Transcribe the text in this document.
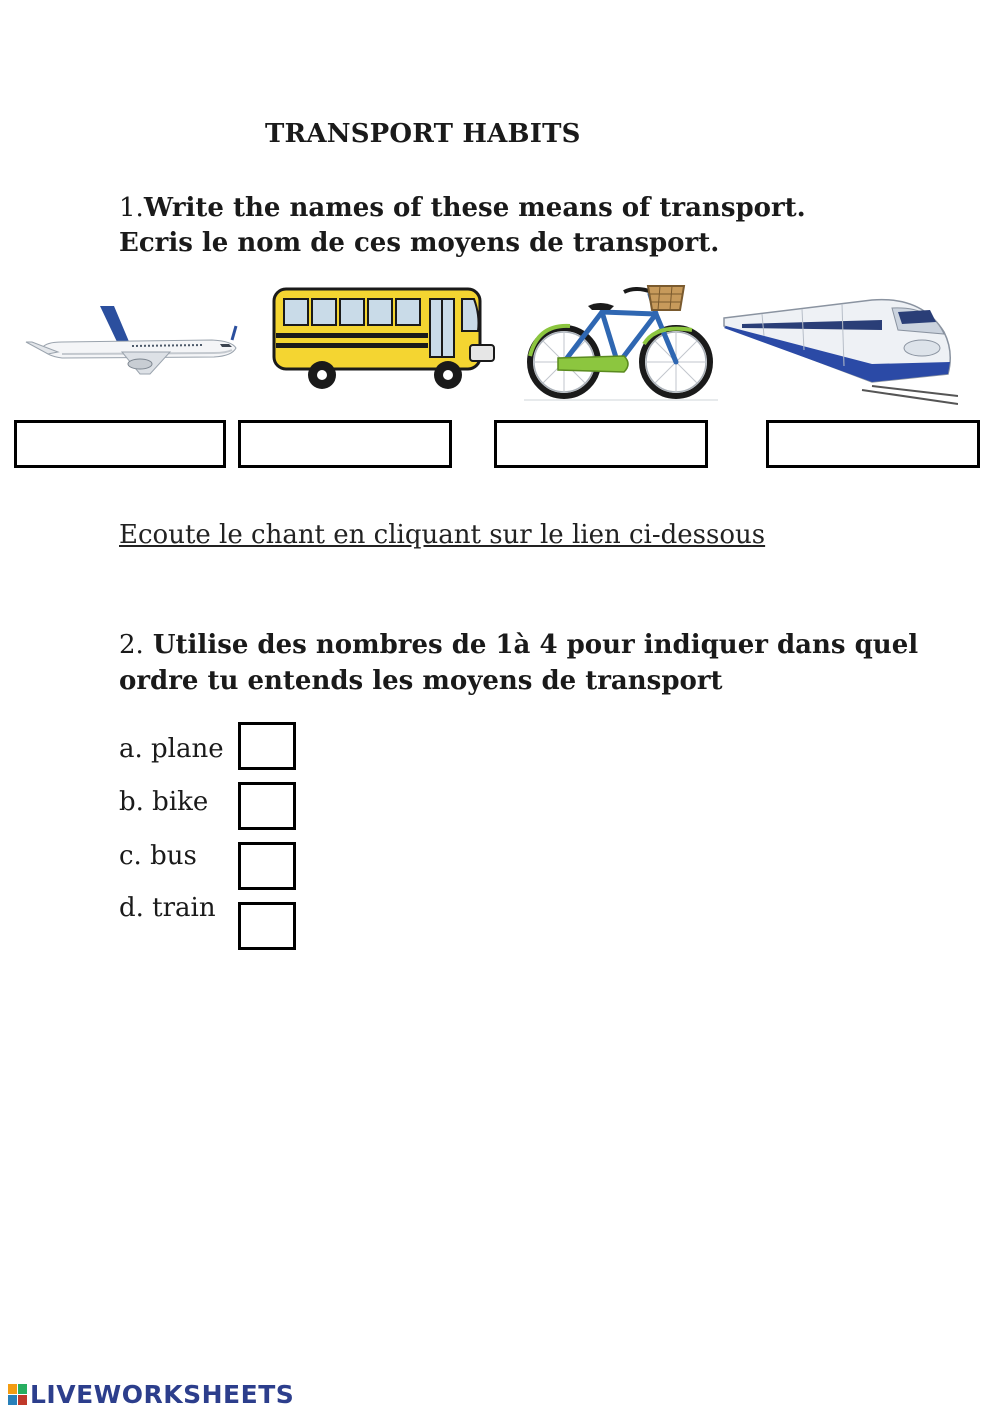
TRANSPORT HABITS
1.Write the names of these means of transport.
Ecris le nom de ces moyens de transport.
Ecoute le chant en cliquant sur le lien ci-dessous
2. Utilise des nombres de 1à 4 pour indiquer dans quel
ordre tu entends les moyens de transport
a. plane
b. bike
c. bus
d. train
LIVEWORKSHEETS
